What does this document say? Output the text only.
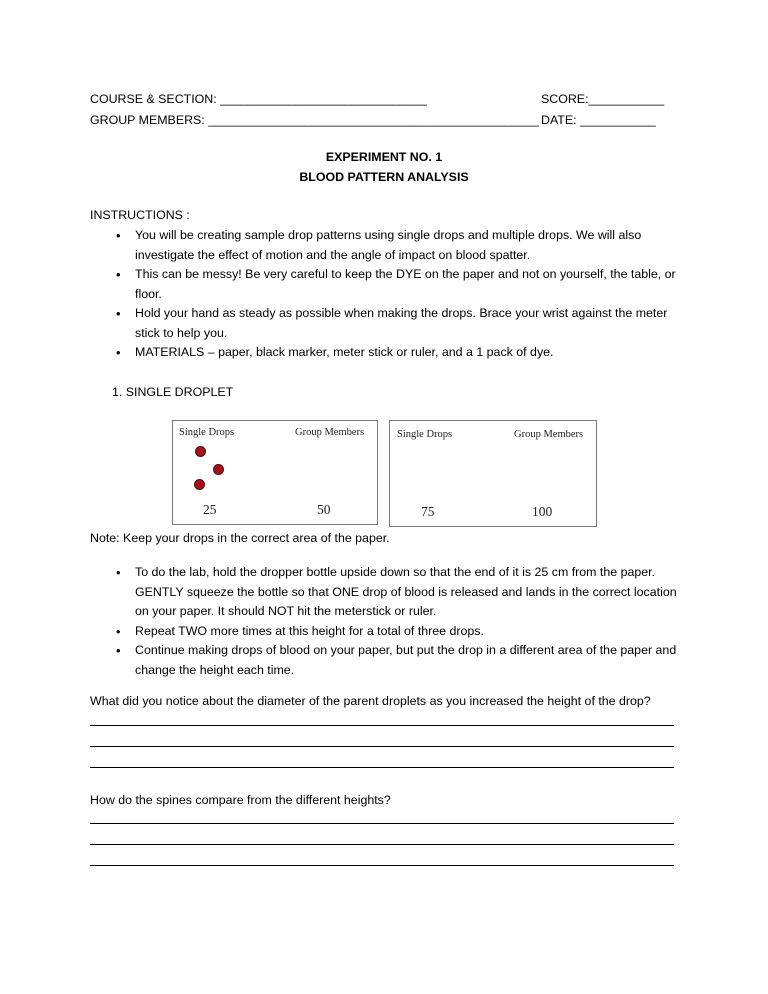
COURSE & SECTION: ______________________________	SCORE:___________
GROUP MEMBERS: ________________________________________________ DATE: ___________
EXPERIMENT NO. 1
BLOOD PATTERN ANALYSIS
INSTRUCTIONS :
• You will be creating sample drop patterns using single drops and multiple drops. We will also investigate the effect of motion and the angle of impact on blood spatter.
• This can be messy! Be very careful to keep the DYE on the paper and not on yourself, the table, or floor.
• Hold your hand as steady as possible when making the drops. Brace your wrist against the meter stick to help you.
• MATERIALS – paper, black marker, meter stick or ruler, and a 1 pack of dye.
1. SINGLE DROPLET
Single Drops	Group Members
25	50
Single Drops	Group Members
75	100
Note: Keep your drops in the correct area of the paper.
• To do the lab, hold the dropper bottle upside down so that the end of it is 25 cm from the paper. GENTLY squeeze the bottle so that ONE drop of blood is released and lands in the correct location on your paper. It should NOT hit the meterstick or ruler.
• Repeat TWO more times at this height for a total of three drops.
• Continue making drops of blood on your paper, but put the drop in a different area of the paper and change the height each time.
What did you notice about the diameter of the parent droplets as you increased the height of the drop?
How do the spines compare from the different heights?
